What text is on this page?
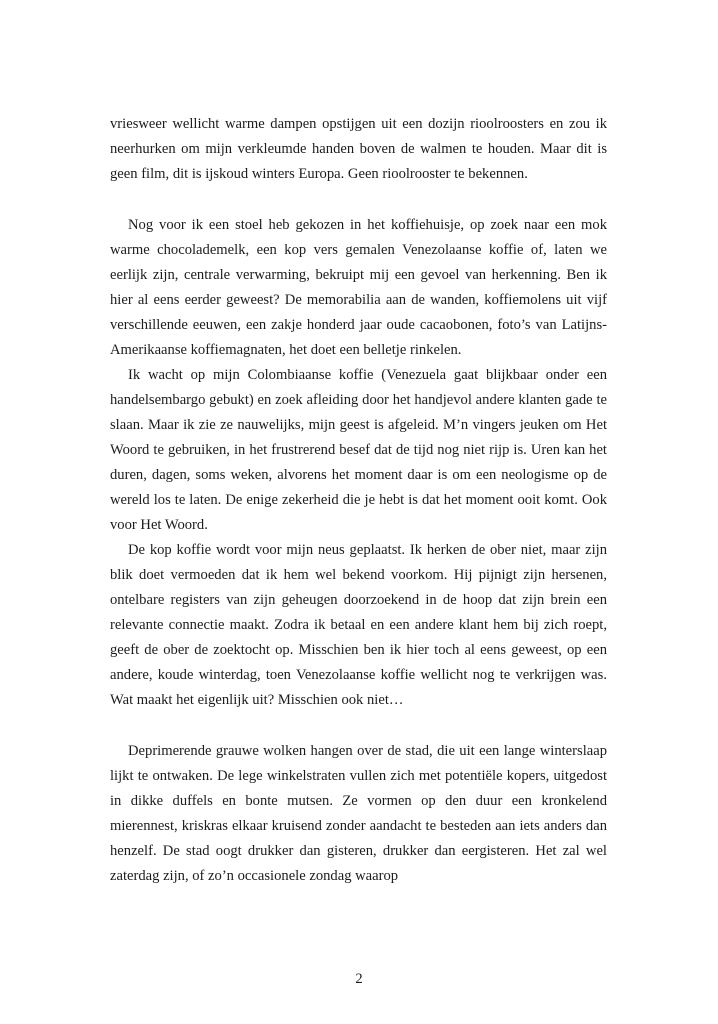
vriesweer wellicht warme dampen opstijgen uit een dozijn rioolroosters en zou ik neerhurken om mijn verkleumde handen boven de walmen te houden. Maar dit is geen film, dit is ijskoud winters Europa. Geen rioolrooster te bekennen.

Nog voor ik een stoel heb gekozen in het koffiehuisje, op zoek naar een mok warme chocolademelk, een kop vers gemalen Venezolaanse koffie of, laten we eerlijk zijn, centrale verwarming, bekruipt mij een gevoel van herkenning. Ben ik hier al eens eerder geweest? De memorabilia aan de wanden, koffiemolens uit vijf verschillende eeuwen, een zakje honderd jaar oude cacaobonen, foto’s van Latijns-Amerikaanse koffiemagnaten, het doet een belletje rinkelen.

Ik wacht op mijn Colombiaanse koffie (Venezuela gaat blijkbaar onder een handelsembargo gebukt) en zoek afleiding door het handjevol andere klanten gade te slaan. Maar ik zie ze nauwelijks, mijn geest is afgeleid. M’n vingers jeuken om Het Woord te gebruiken, in het frustrerend besef dat de tijd nog niet rijp is. Uren kan het duren, dagen, soms weken, alvorens het moment daar is om een neologisme op de wereld los te laten. De enige zekerheid die je hebt is dat het moment ooit komt. Ook voor Het Woord.

De kop koffie wordt voor mijn neus geplaatst. Ik herken de ober niet, maar zijn blik doet vermoeden dat ik hem wel bekend voorkom. Hij pijnigt zijn hersenen, ontelbare registers van zijn geheugen doorzoekend in de hoop dat zijn brein een relevante connectie maakt. Zodra ik betaal en een andere klant hem bij zich roept, geeft de ober de zoektocht op. Misschien ben ik hier toch al eens geweest, op een andere, koude winterdag, toen Venezolaanse koffie wellicht nog te verkrijgen was. Wat maakt het eigenlijk uit? Misschien ook niet…

Deprimerende grauwe wolken hangen over de stad, die uit een lange winterslaap lijkt te ontwaken. De lege winkelstraten vullen zich met potentiële kopers, uitgedost in dikke duffels en bonte mutsen. Ze vormen op den duur een kronkelend mierennest, kriskras elkaar kruisend zonder aandacht te besteden aan iets anders dan henzelf. De stad oogt drukker dan gisteren, drukker dan eergisteren. Het zal wel zaterdag zijn, of zo’n occasionele zondag waarop

2
